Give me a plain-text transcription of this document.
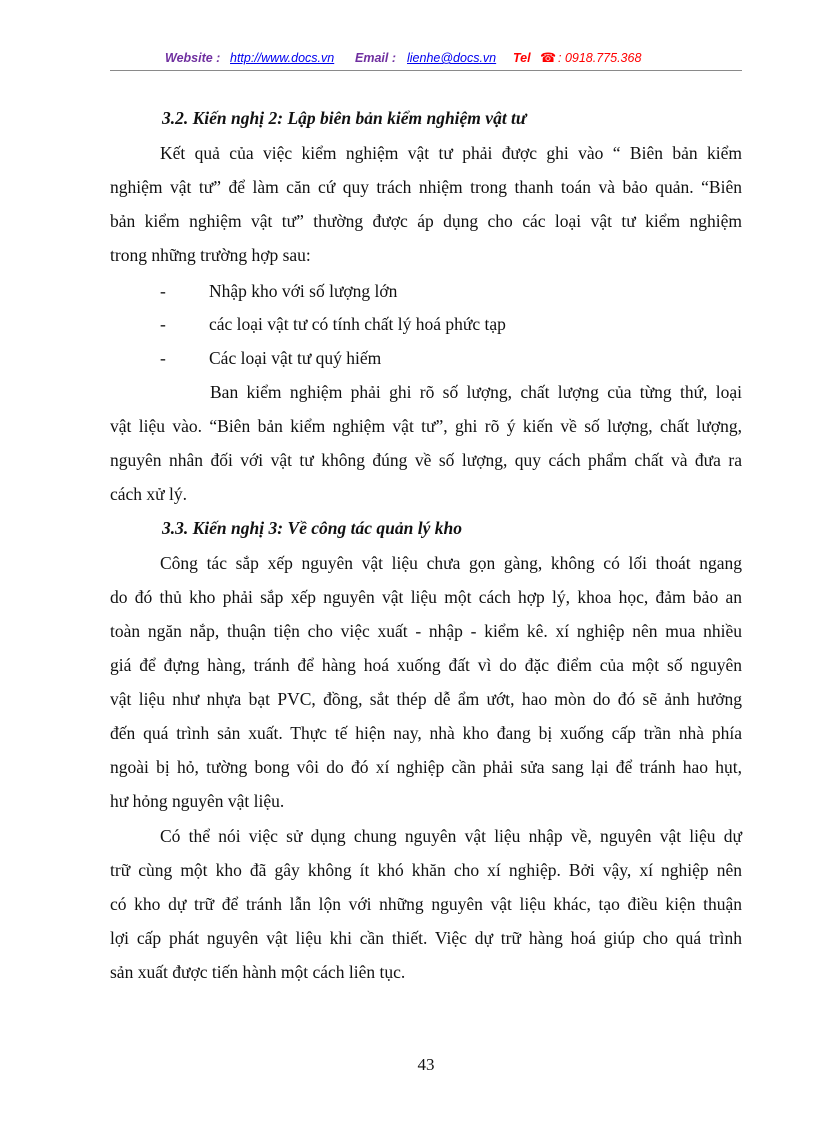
Website : http://www.docs.vn Email : lienhe@docs.vn Tel ☎ : 0918.775.368
3.2. Kiến nghị 2: Lập biên bản kiểm nghiệm vật tư
Kết quả của việc kiểm nghiệm vật tư phải được ghi vào “ Biên bản kiểm
nghiệm vật tư” để làm căn cứ quy trách nhiệm trong thanh toán và bảo quản. “Biên
bản kiểm nghiệm vật tư” thường được áp dụng cho các loại vật tư kiểm nghiệm
trong những trường hợp sau:
- Nhập kho với số lượng lớn
- các loại vật tư có tính chất lý hoá phức tạp
- Các loại vật tư quý hiếm
Ban kiểm nghiệm phải ghi rõ số lượng, chất lượng của từng thứ, loại
vật liệu vào. “Biên bản kiểm nghiệm vật tư”, ghi rõ ý kiến về số lượng, chất lượng,
nguyên nhân đối với vật tư không đúng về số lượng, quy cách phẩm chất và đưa ra
cách xử lý.
3.3. Kiến nghị 3: Về công tác quản lý kho
Công tác sắp xếp nguyên vật liệu chưa gọn gàng, không có lối thoát ngang
do đó thủ kho phải sắp xếp nguyên vật liệu một cách hợp lý, khoa học, đảm bảo an
toàn ngăn nắp, thuận tiện cho việc xuất - nhập - kiểm kê. xí nghiệp nên mua nhiều
giá để đựng hàng, tránh để hàng hoá xuống đất vì do đặc điểm của một số nguyên
vật liệu như nhựa bạt PVC, đồng, sắt thép dễ ẩm ướt, hao mòn do đó sẽ ảnh hưởng
đến quá trình sản xuất. Thực tế hiện nay, nhà kho đang bị xuống cấp trần nhà phía
ngoài bị hỏ, tường bong vôi do đó xí nghiệp cần phải sửa sang lại để tránh hao hụt,
hư hỏng nguyên vật liệu.
Có thể nói việc sử dụng chung nguyên vật liệu nhập về, nguyên vật liệu dự
trữ cùng một kho đã gây không ít khó khăn cho xí nghiệp. Bởi vậy, xí nghiệp nên
có kho dự trữ để tránh lẫn lộn với những nguyên vật liệu khác, tạo điều kiện thuận
lợi cấp phát nguyên vật liệu khi cần thiết. Việc dự trữ hàng hoá giúp cho quá trình
sản xuất được tiến hành một cách liên tục.
43
